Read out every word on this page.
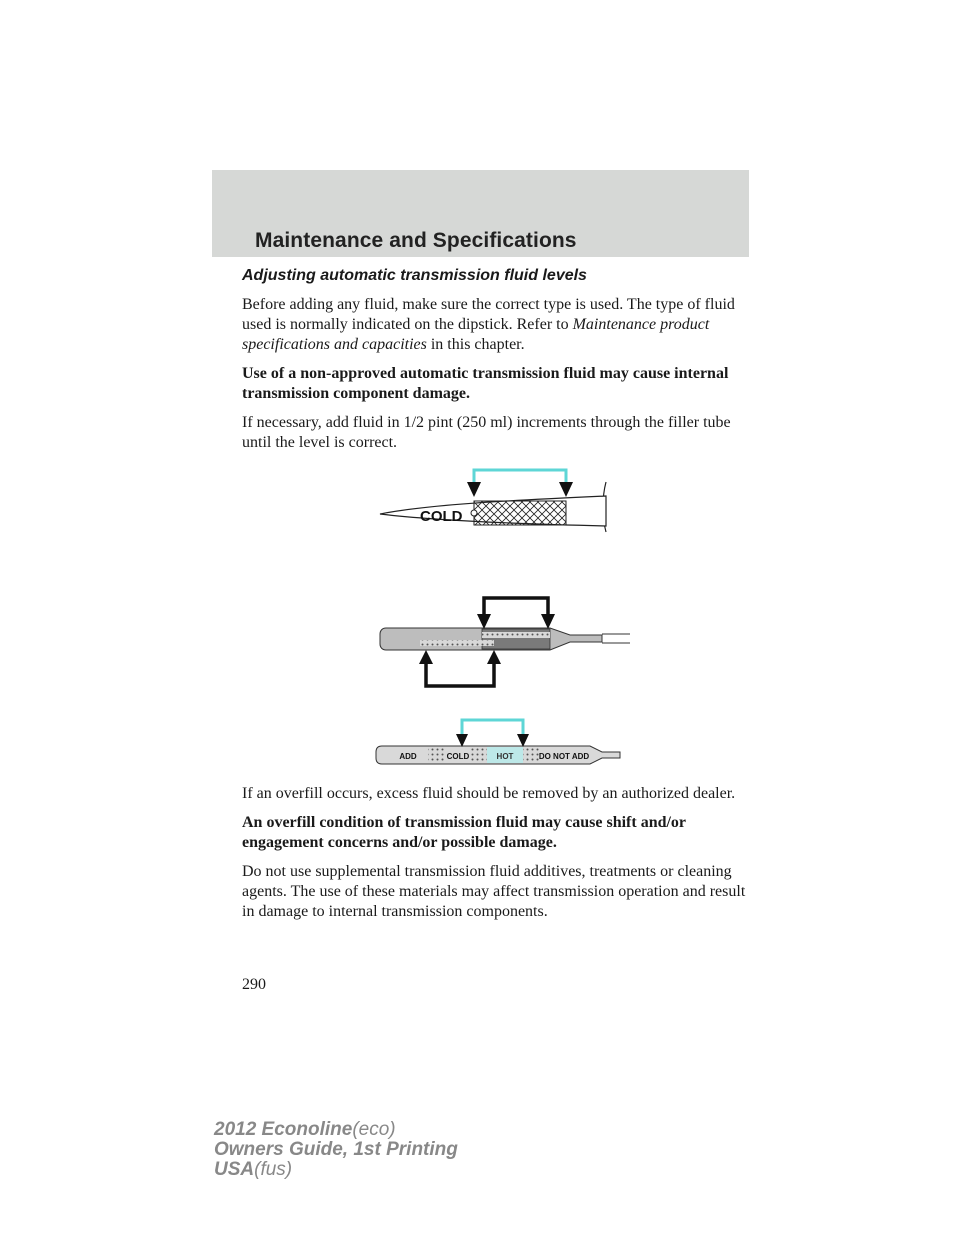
Maintenance and Specifications

Adjusting automatic transmission fluid levels

Before adding any fluid, make sure the correct type is used. The type of fluid used is normally indicated on the dipstick. Refer to Maintenance product specifications and capacities in this chapter.

Use of a non-approved automatic transmission fluid may cause internal transmission component damage.

If necessary, add fluid in 1/2 pint (250 ml) increments through the filler tube until the level is correct.

COLD
ADD	COLD	HOT	DO NOT ADD

If an overfill occurs, excess fluid should be removed by an authorized dealer.

An overfill condition of transmission fluid may cause shift and/or engagement concerns and/or possible damage.

Do not use supplemental transmission fluid additives, treatments or cleaning agents. The use of these materials may affect transmission operation and result in damage to internal transmission components.

290
2012 Econoline(eco)
Owners Guide, 1st Printing
USA(fus)
